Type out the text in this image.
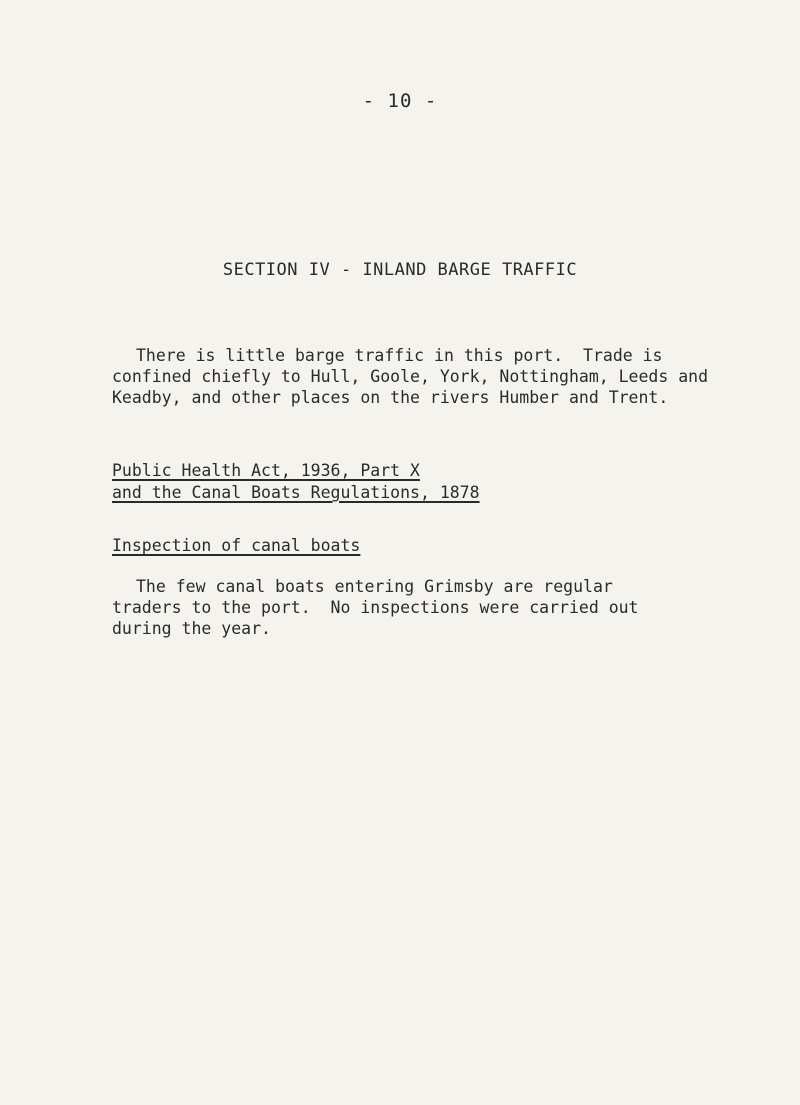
- 10 -
SECTION IV - INLAND BARGE TRAFFIC
There is little barge traffic in this port.  Trade is
confined chiefly to Hull, Goole, York, Nottingham, Leeds and
Keadby, and other places on the rivers Humber and Trent.
Public Health Act, 1936, Part X
and the Canal Boats Regulations, 1878
Inspection of canal boats
The few canal boats entering Grimsby are regular
traders to the port.  No inspections were carried out
during the year.
